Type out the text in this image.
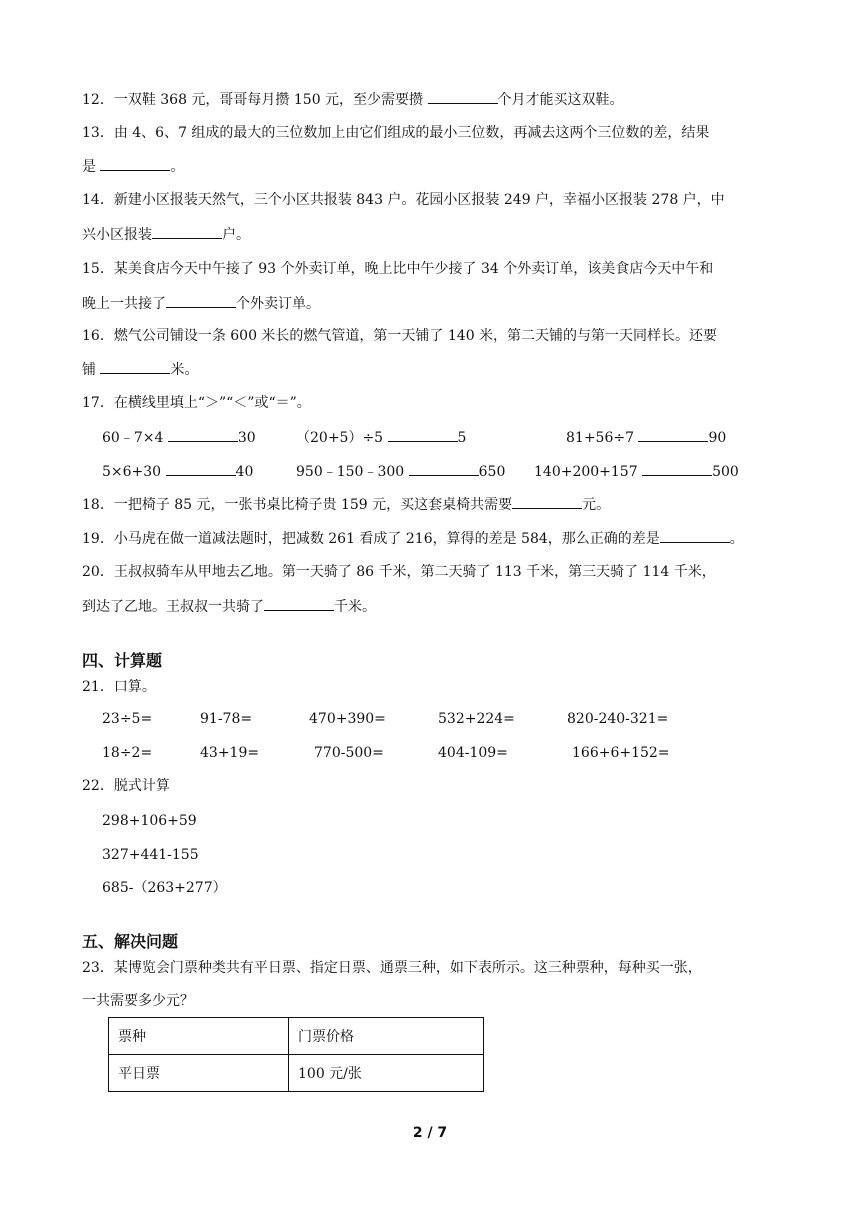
12．一双鞋 368 元，哥哥每月攒 150 元，至少需要攒	个月才能买这双鞋。
13．由 4、6、7 组成的最大的三位数加上由它们组成的最小三位数，再减去这两个三位数的差，结果
是	。
14．新建小区报装天然气，三个小区共报装 843 户。花园小区报装 249 户，幸福小区报装 278 户，中
兴小区报装	户。
15．某美食店今天中午接了 93 个外卖订单，晚上比中午少接了 34 个外卖订单，该美食店今天中午和
晚上一共接了	个外卖订单。
16．燃气公司铺设一条 600 米长的燃气管道，第一天铺了 140 米，第二天铺的与第一天同样长。还要
铺	米。
17．在横线里填上“＞”“＜”或“＝”。
60﹣7×4	30	（20+5）÷5	5	81+56÷7	90
5×6+30	40	950﹣150﹣300	650 140+200+157	500
18．一把椅子 85 元，一张书桌比椅子贵 159 元，买这套桌椅共需要	元。
19．小马虎在做一道减法题时，把减数 261 看成了 216，算得的差是 584，那么正确的差是	。
20．王叔叔骑车从甲地去乙地。第一天骑了 86 千米，第二天骑了 113 千米，第三天骑了 114 千米，
到达了乙地。王叔叔一共骑了	千米。
四、计算题
21．口算。
23÷5=	91-78=	470+390=	532+224=	820-240-321=
18÷2=	43+19=	770-500=	404-109=	166+6+152=
22．脱式计算
298+106+59
327+441-155
685-（263+277）
五、解决问题
23．某博览会门票种类共有平日票、指定日票、通票三种，如下表所示。这三种票种，每种买一张，
一共需要多少元？
票种	门票价格
平日票	100 元/张
2 / 7
